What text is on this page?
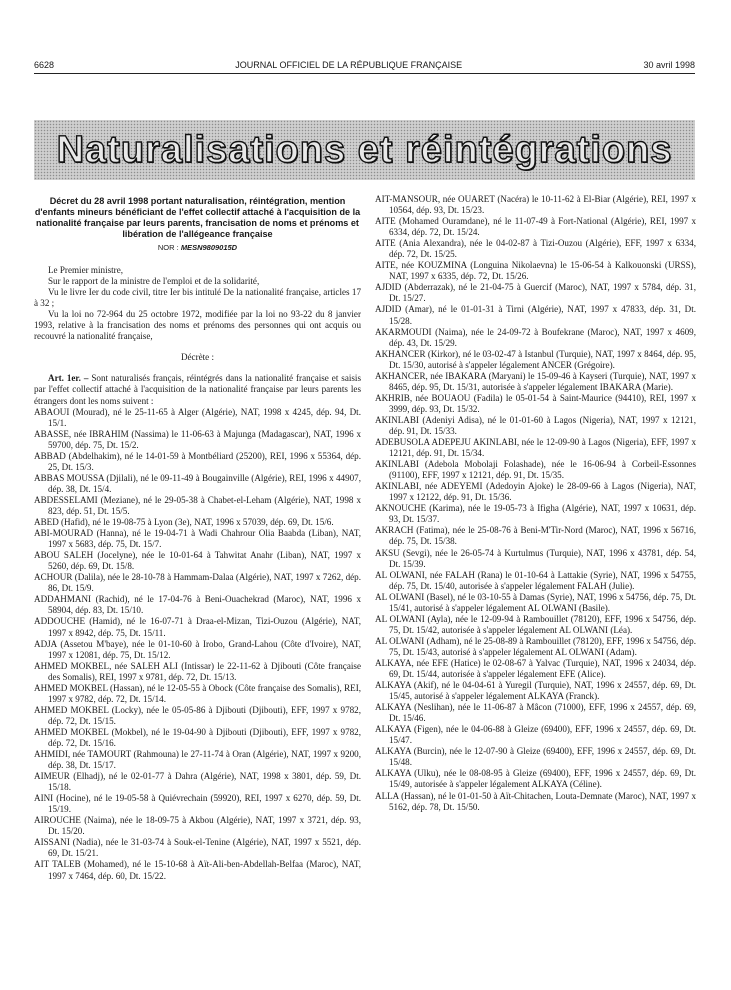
6628	JOURNAL OFFICIEL DE LA RÉPUBLIQUE FRANÇAISE	30 avril 1998
Naturalisations et réintégrations

Décret du 28 avril 1998 portant naturalisation, réintégration, mention d'enfants mineurs bénéficiant de l'effet collectif attaché à l'acquisition de la nationalité française par leurs parents, francisation de noms et prénoms et libération de l'allégeance française

NOR : MESN9809015D

Le Premier ministre,

Sur le rapport de la ministre de l'emploi et de la solidarité,

Vu le livre Ier du code civil, titre Ier bis intitulé De la nationalité française, articles 17 à 32 ;

Vu la loi no 72-964 du 25 octobre 1972, modifiée par la loi no 93-22 du 8 janvier 1993, relative à la francisation des noms et prénoms des personnes qui ont acquis ou recouvré la nationalité française,

Décrète :

Art. 1er. – Sont naturalisés français, réintégrés dans la nationalité française et saisis par l'effet collectif attaché à l'acquisition de la nationalité française par leurs parents les étrangers dont les noms suivent :

ABAOUI (Mourad), né le 25-11-65 à Alger (Algérie), NAT, 1998 x 4245, dép. 94, Dt. 15/1.

ABASSE, née IBRAHIM (Nassima) le 11-06-63 à Majunga (Madagascar), NAT, 1996 x 59700, dép. 75, Dt. 15/2.

ABBAD (Abdelhakim), né le 14-01-59 à Montbéliard (25200), REI, 1996 x 55364, dép. 25, Dt. 15/3.

ABBAS MOUSSA (Djilali), né le 09-11-49 à Bougainville (Algérie), REI, 1996 x 44907, dép. 38, Dt. 15/4.

ABDESSELAMI (Meziane), né le 29-05-38 à Chabet-el-Leham (Algérie), NAT, 1998 x 823, dép. 51, Dt. 15/5.

ABED (Hafid), né le 19-08-75 à Lyon (3e), NAT, 1996 x 57039, dép. 69, Dt. 15/6.

ABI-MOURAD (Hanna), né le 19-04-71 à Wadi Chahrour Olia Baabda (Liban), NAT, 1997 x 5683, dép. 75, Dt. 15/7.

ABOU SALEH (Jocelyne), née le 10-01-64 à Tahwitat Anahr (Liban), NAT, 1997 x 5260, dép. 69, Dt. 15/8.

ACHOUR (Dalila), née le 28-10-78 à Hammam-Dalaa (Algérie), NAT, 1997 x 7262, dép. 86, Dt. 15/9.

ADDAHMANI (Rachid), né le 17-04-76 à Beni-Ouachekrad (Maroc), NAT, 1996 x 58904, dép. 83, Dt. 15/10.

ADDOUCHE (Hamid), né le 16-07-71 à Draa-el-Mizan, Tizi-Ouzou (Algérie), NAT, 1997 x 8942, dép. 75, Dt. 15/11.

ADJA (Assetou M'baye), née le 01-10-60 à Irobo, Grand-Lahou (Côte d'Ivoire), NAT, 1997 x 12081, dép. 75, Dt. 15/12.

AHMED MOKBEL, née SALEH ALI (Intissar) le 22-11-62 à Djibouti (Côte française des Somalis), REI, 1997 x 9781, dép. 72, Dt. 15/13.

AHMED MOKBEL (Hassan), né le 12-05-55 à Obock (Côte française des Somalis), REI, 1997 x 9782, dép. 72, Dt. 15/14.

AHMED MOKBEL (Locky), née le 05-05-86 à Djibouti (Djibouti), EFF, 1997 x 9782, dép. 72, Dt. 15/15.

AHMED MOKBEL (Mokbel), né le 19-04-90 à Djibouti (Djibouti), EFF, 1997 x 9782, dép. 72, Dt. 15/16.

AHMIDI, née TAMOURT (Rahmouna) le 27-11-74 à Oran (Algérie), NAT, 1997 x 9200, dép. 38, Dt. 15/17.

AIMEUR (Elhadj), né le 02-01-77 à Dahra (Algérie), NAT, 1998 x 3801, dép. 59, Dt. 15/18.

AINI (Hocine), né le 19-05-58 à Quiévrechain (59920), REI, 1997 x 6270, dép. 59, Dt. 15/19.

AIROUCHE (Naima), née le 18-09-75 à Akbou (Algérie), NAT, 1997 x 3721, dép. 93, Dt. 15/20.

AISSANI (Nadia), née le 31-03-74 à Souk-el-Tenine (Algérie), NAT, 1997 x 5521, dép. 69, Dt. 15/21.

AIT TALEB (Mohamed), né le 15-10-68 à Aït-Ali-ben-Abdellah-Belfaa (Maroc), NAT, 1997 x 7464, dép. 60, Dt. 15/22.

AIT-MANSOUR, née OUARET (Nacéra) le 10-11-62 à El-Biar (Algérie), REI, 1997 x 10564, dép. 93, Dt. 15/23.

AITE (Mohamed Ouramdane), né le 11-07-49 à Fort-National (Algérie), REI, 1997 x 6334, dép. 72, Dt. 15/24.

AITE (Ania Alexandra), née le 04-02-87 à Tizi-Ouzou (Algérie), EFF, 1997 x 6334, dép. 72, Dt. 15/25.

AITE, née KOUZMINA (Longuina Nikolaevna) le 15-06-54 à Kalkouonski (URSS), NAT, 1997 x 6335, dép. 72, Dt. 15/26.

AJDID (Abderrazak), né le 21-04-75 à Guercif (Maroc), NAT, 1997 x 5784, dép. 31, Dt. 15/27.

AJDID (Amar), né le 01-01-31 à Tirni (Algérie), NAT, 1997 x 47833, dép. 31, Dt. 15/28.

AKARMOUDI (Naima), née le 24-09-72 à Boufekrane (Maroc), NAT, 1997 x 4609, dép. 43, Dt. 15/29.

AKHANCER (Kirkor), né le 03-02-47 à Istanbul (Turquie), NAT, 1997 x 8464, dép. 95, Dt. 15/30, autorisé à s'appeler légalement ANCER (Grégoire).

AKHANCER, née IBAKARA (Maryani) le 15-09-46 à Kayseri (Turquie), NAT, 1997 x 8465, dép. 95, Dt. 15/31, autorisée à s'appeler légalement IBAKARA (Marie).

AKHRIB, née BOUAOU (Fadila) le 05-01-54 à Saint-Maurice (94410), REI, 1997 x 3999, dép. 93, Dt. 15/32.

AKINLABI (Adeniyi Adisa), né le 01-01-60 à Lagos (Nigeria), NAT, 1997 x 12121, dép. 91, Dt. 15/33.

ADEBUSOLA ADEPEJU AKINLABI, née le 12-09-90 à Lagos (Nigeria), EFF, 1997 x 12121, dép. 91, Dt. 15/34.

AKINLABI (Adebola Mobolaji Folashade), née le 16-06-94 à Corbeil-Essonnes (91100), EFF, 1997 x 12121, dép. 91, Dt. 15/35.

AKINLABI, née ADEYEMI (Adedoyin Ajoke) le 28-09-66 à Lagos (Nigeria), NAT, 1997 x 12122, dép. 91, Dt. 15/36.

AKNOUCHE (Karima), née le 19-05-73 à Ifigha (Algérie), NAT, 1997 x 10631, dép. 93, Dt. 15/37.

AKRACH (Fatima), née le 25-08-76 à Beni-M'Tir-Nord (Maroc), NAT, 1996 x 56716, dép. 75, Dt. 15/38.

AKSU (Sevgi), née le 26-05-74 à Kurtulmus (Turquie), NAT, 1996 x 43781, dép. 54, Dt. 15/39.

AL OLWANI, née FALAH (Rana) le 01-10-64 à Lattakie (Syrie), NAT, 1996 x 54755, dép. 75, Dt. 15/40, autorisée à s'appeler légalement FALAH (Julie).

AL OLWANI (Basel), né le 03-10-55 à Damas (Syrie), NAT, 1996 x 54756, dép. 75, Dt. 15/41, autorisé à s'appeler légalement AL OLWANI (Basile).

AL OLWANI (Ayla), née le 12-09-94 à Rambouillet (78120), EFF, 1996 x 54756, dép. 75, Dt. 15/42, autorisée à s'appeler légalement AL OLWANI (Léa).

AL OLWANI (Adham), né le 25-08-89 à Rambouillet (78120), EFF, 1996 x 54756, dép. 75, Dt. 15/43, autorisé à s'appeler légalement AL OLWANI (Adam).

ALKAYA, née EFE (Hatice) le 02-08-67 à Yalvac (Turquie), NAT, 1996 x 24034, dép. 69, Dt. 15/44, autorisée à s'appeler légalement EFE (Alice).

ALKAYA (Akif), né le 04-04-61 à Yuregil (Turquie), NAT, 1996 x 24557, dép. 69, Dt. 15/45, autorisé à s'appeler légalement ALKAYA (Franck).

ALKAYA (Neslihan), née le 11-06-87 à Mâcon (71000), EFF, 1996 x 24557, dép. 69, Dt. 15/46.

ALKAYA (Figen), née le 04-06-88 à Gleize (69400), EFF, 1996 x 24557, dép. 69, Dt. 15/47.

ALKAYA (Burcin), née le 12-07-90 à Gleize (69400), EFF, 1996 x 24557, dép. 69, Dt. 15/48.

ALKAYA (Ulku), née le 08-08-95 à Gleize (69400), EFF, 1996 x 24557, dép. 69, Dt. 15/49, autorisée à s'appeler légalement ALKAYA (Céline).

ALLA (Hassan), né le 01-01-50 à Aït-Chitachen, Louta-Demnate (Maroc), NAT, 1997 x 5162, dép. 78, Dt. 15/50.
